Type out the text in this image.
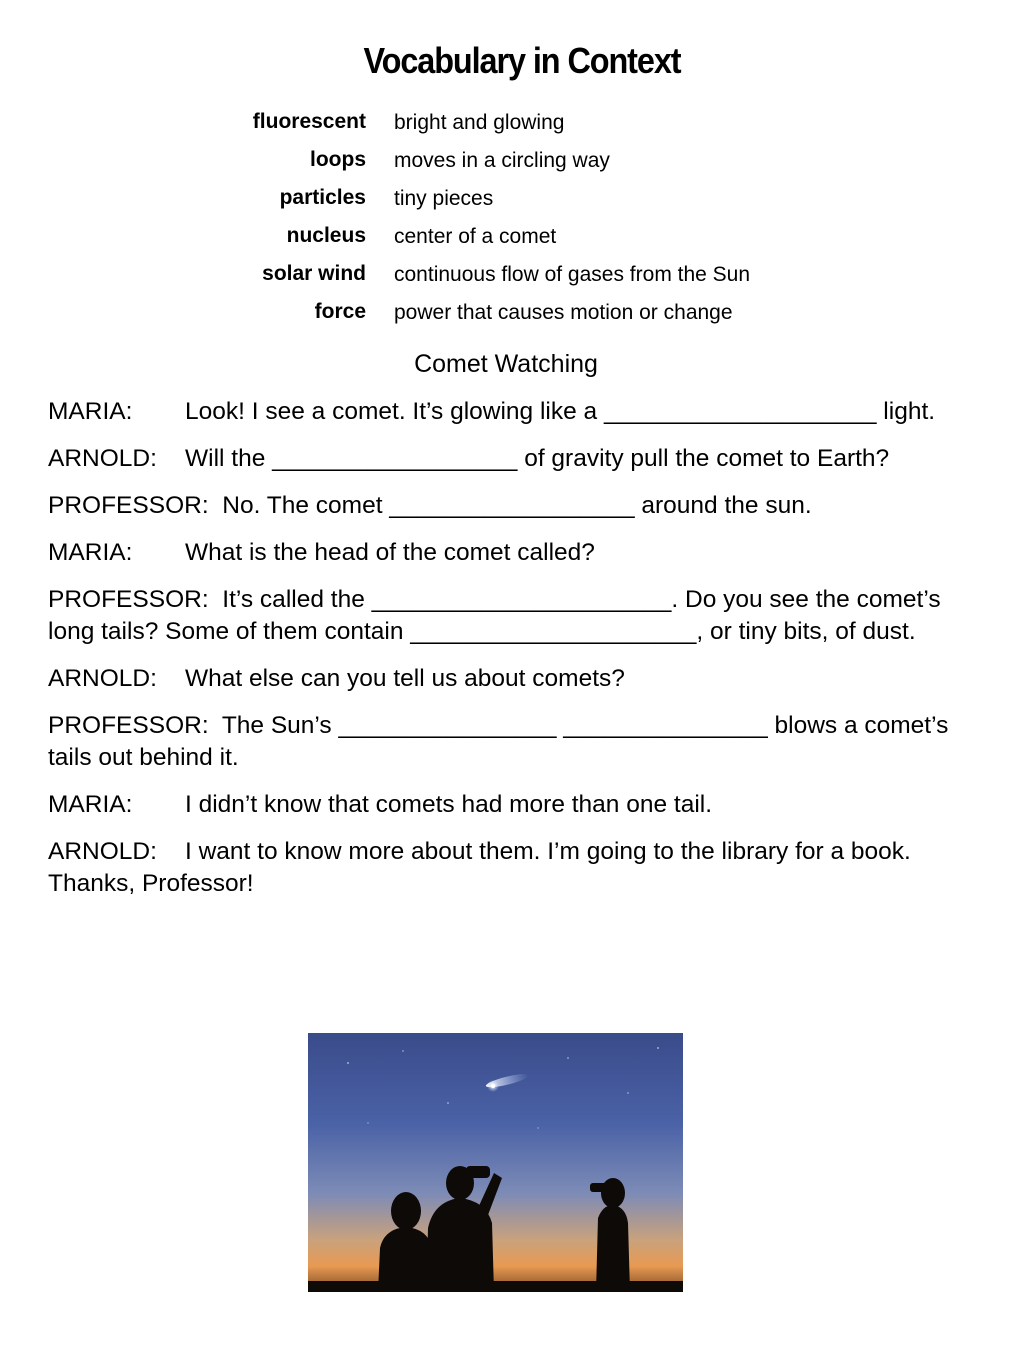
Vocabulary in Context
fluorescent bright and glowing
loops moves in a circling way
particles tiny pieces
nucleus center of a comet
solar wind continuous flow of gases from the Sun
force power that causes motion or change
Comet Watching

MARIA: Look! I see a comet. It’s glowing like a ____________________ light.

ARNOLD: Will the __________________ of gravity pull the comet to Earth?

PROFESSOR: No. The comet __________________ around the sun.

MARIA: What is the head of the comet called?

PROFESSOR: It’s called the ______________________. Do you see the comet’s long tails? Some of them contain _____________________, or tiny bits, of dust.

ARNOLD: What else can you tell us about comets?

PROFESSOR: The Sun’s ________________ _______________ blows a comet’s tails out behind it.

MARIA: I didn’t know that comets had more than one tail.

ARNOLD: I want to know more about them. I’m going to the library for a book. Thanks, Professor!
